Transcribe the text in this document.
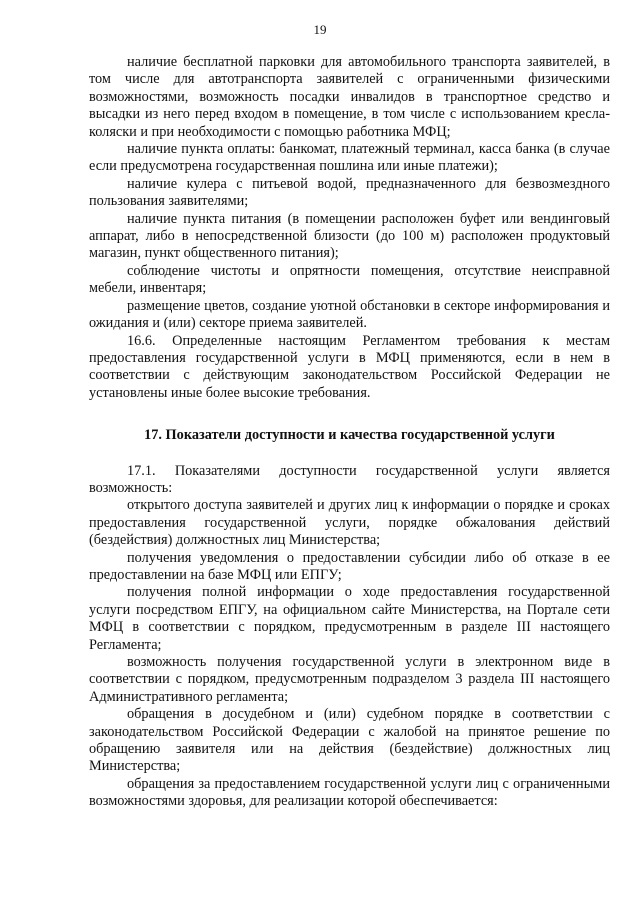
19

наличие бесплатной парковки для автомобильного транспорта заявителей, в том числе для автотранспорта заявителей с ограниченными физическими возможностями, возможность посадки инвалидов в транспортное средство и высадки из него перед входом в помещение, в том числе с использованием кресла-коляски и при необходимости с помощью работника МФЦ;

наличие пункта оплаты: банкомат, платежный терминал, касса банка (в случае если предусмотрена государственная пошлина или иные платежи);

наличие кулера с питьевой водой, предназначенного для безвозмездного пользования заявителями;

наличие пункта питания (в помещении расположен буфет или вендинговый аппарат, либо в непосредственной близости (до 100 м) расположен продуктовый магазин, пункт общественного питания);

соблюдение чистоты и опрятности помещения, отсутствие неисправной мебели, инвентаря;

размещение цветов, создание уютной обстановки в секторе информирования и ожидания и (или) секторе приема заявителей.

16.6. Определенные настоящим Регламентом требования к местам предоставления государственной услуги в МФЦ применяются, если в нем в соответствии с действующим законодательством Российской Федерации не установлены иные более высокие требования.

17. Показатели доступности и качества государственной услуги

17.1. Показателями доступности государственной услуги является возможность:

открытого доступа заявителей и других лиц к информации о порядке и сроках предоставления государственной услуги, порядке обжалования действий (бездействия) должностных лиц Министерства;

получения уведомления о предоставлении субсидии либо об отказе в ее предоставлении на базе МФЦ или ЕПГУ;

получения полной информации о ходе предоставления государственной услуги посредством ЕПГУ, на официальном сайте Министерства, на Портале сети МФЦ в соответствии с порядком, предусмотренным в разделе III настоящего Регламента;

возможность получения государственной услуги в электронном виде в соответствии с порядком, предусмотренным подразделом 3 раздела III настоящего Административного регламента;

обращения в досудебном и (или) судебном порядке в соответствии с законодательством Российской Федерации с жалобой на принятое решение по обращению заявителя или на действия (бездействие) должностных лиц Министерства;

обращения за предоставлением государственной услуги лиц с ограниченными возможностями здоровья, для реализации которой обеспечивается:
